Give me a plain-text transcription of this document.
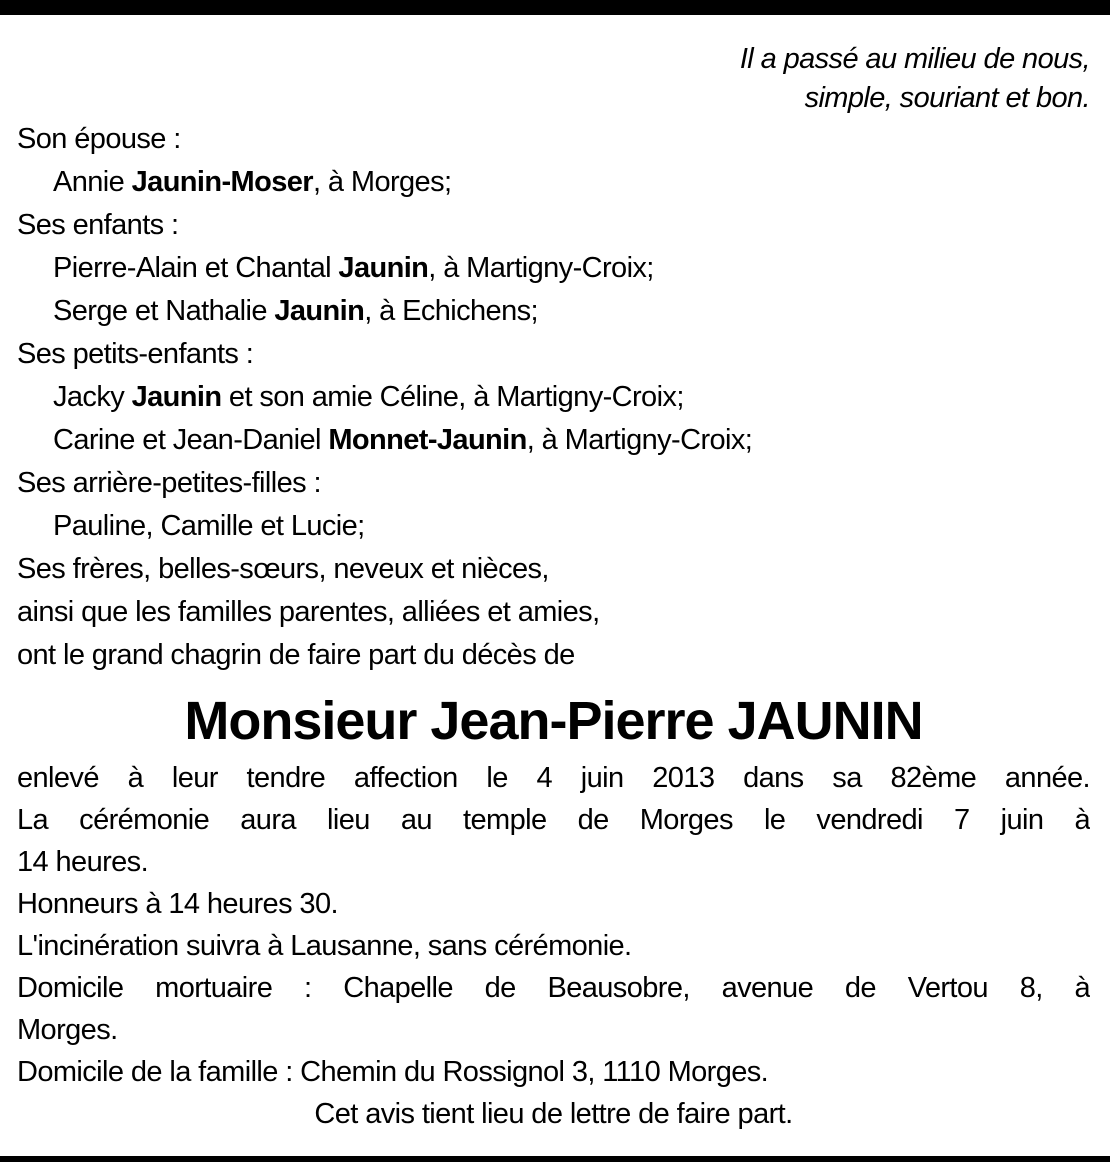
Il a passé au milieu de nous,
simple, souriant et bon.
Son épouse :
Annie Jaunin-Moser, à Morges;
Ses enfants :
Pierre-Alain et Chantal Jaunin, à Martigny-Croix;
Serge et Nathalie Jaunin, à Echichens;
Ses petits-enfants :
Jacky Jaunin et son amie Céline, à Martigny-Croix;
Carine et Jean-Daniel Monnet-Jaunin, à Martigny-Croix;
Ses arrière-petites-filles :
Pauline, Camille et Lucie;
Ses frères, belles-sœurs, neveux et nièces,
ainsi que les familles parentes, alliées et amies,
ont le grand chagrin de faire part du décès de
Monsieur Jean-Pierre JAUNIN
enlevé à leur tendre affection le 4 juin 2013 dans sa 82ème année.
La cérémonie aura lieu au temple de Morges le vendredi 7 juin à
14 heures.
Honneurs à 14 heures 30.
L'incinération suivra à Lausanne, sans cérémonie.
Domicile mortuaire : Chapelle de Beausobre, avenue de Vertou 8, à
Morges.
Domicile de la famille : Chemin du Rossignol 3, 1110 Morges.
Cet avis tient lieu de lettre de faire part.
